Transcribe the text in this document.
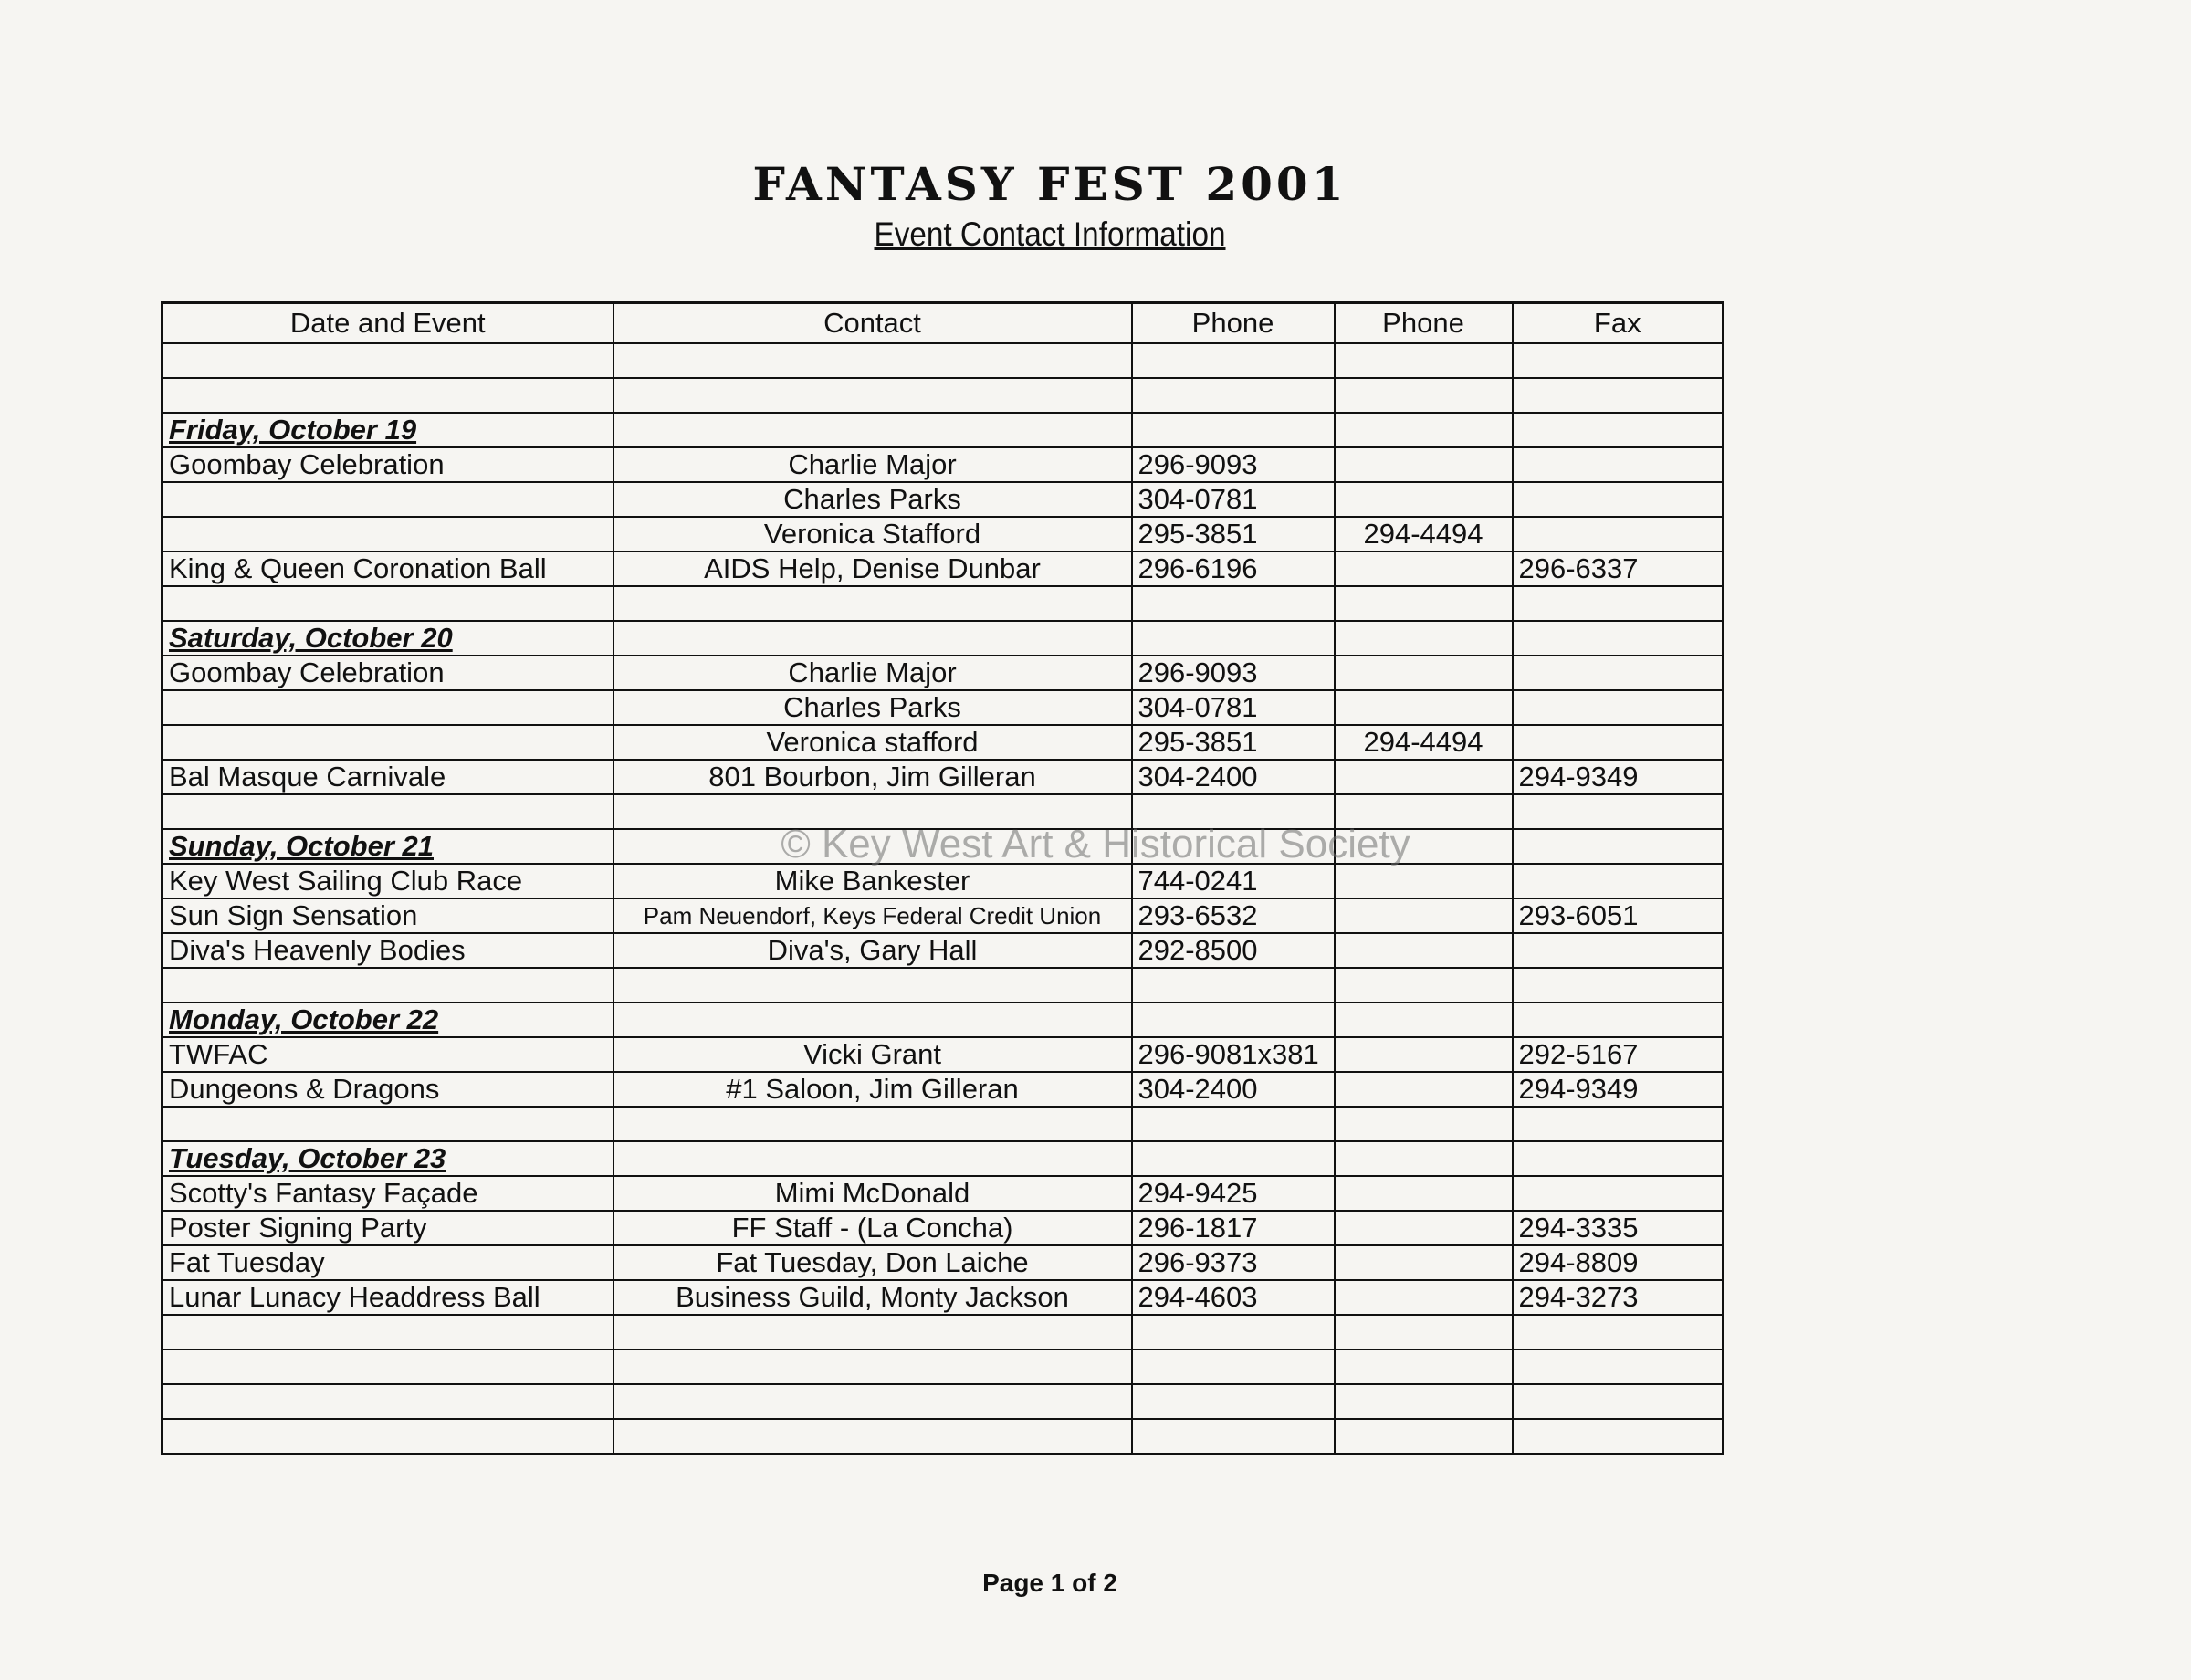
FANTASY FEST 2001
Event Contact Information
Date and Event	Contact	Phone	Phone	Fax

Friday, October 19				
Goombay Celebration	Charlie Major	296-9093		
	Charles Parks	304-0781		
	Veronica Stafford	295-3851	294-4494	
King & Queen Coronation Ball	AIDS Help, Denise Dunbar	296-6196		296-6337

Saturday, October 20				
Goombay Celebration	Charlie Major	296-9093		
	Charles Parks	304-0781		
	Veronica stafford	295-3851	294-4494	
Bal Masque Carnivale	801 Bourbon, Jim Gilleran	304-2400		294-9349

Sunday, October 21				
Key West Sailing Club Race	Mike Bankester	744-0241		
Sun Sign Sensation	Pam Neuendorf, Keys Federal Credit Union	293-6532		293-6051
Diva's Heavenly Bodies	Diva's, Gary Hall	292-8500		

Monday, October 22				
TWFAC	Vicki Grant	296-9081x381		292-5167
Dungeons & Dragons	#1 Saloon, Jim Gilleran	304-2400		294-9349

Tuesday, October 23				
Scotty's Fantasy Façade	Mimi McDonald	294-9425		
Poster Signing Party	FF Staff - (La Concha)	296-1817		294-3335
Fat Tuesday	Fat Tuesday, Don Laiche	296-9373		294-8809
Lunar Lunacy Headdress Ball	Business Guild, Monty Jackson	294-4603		294-3273

© Key West Art & Historical Society
Page 1 of 2
